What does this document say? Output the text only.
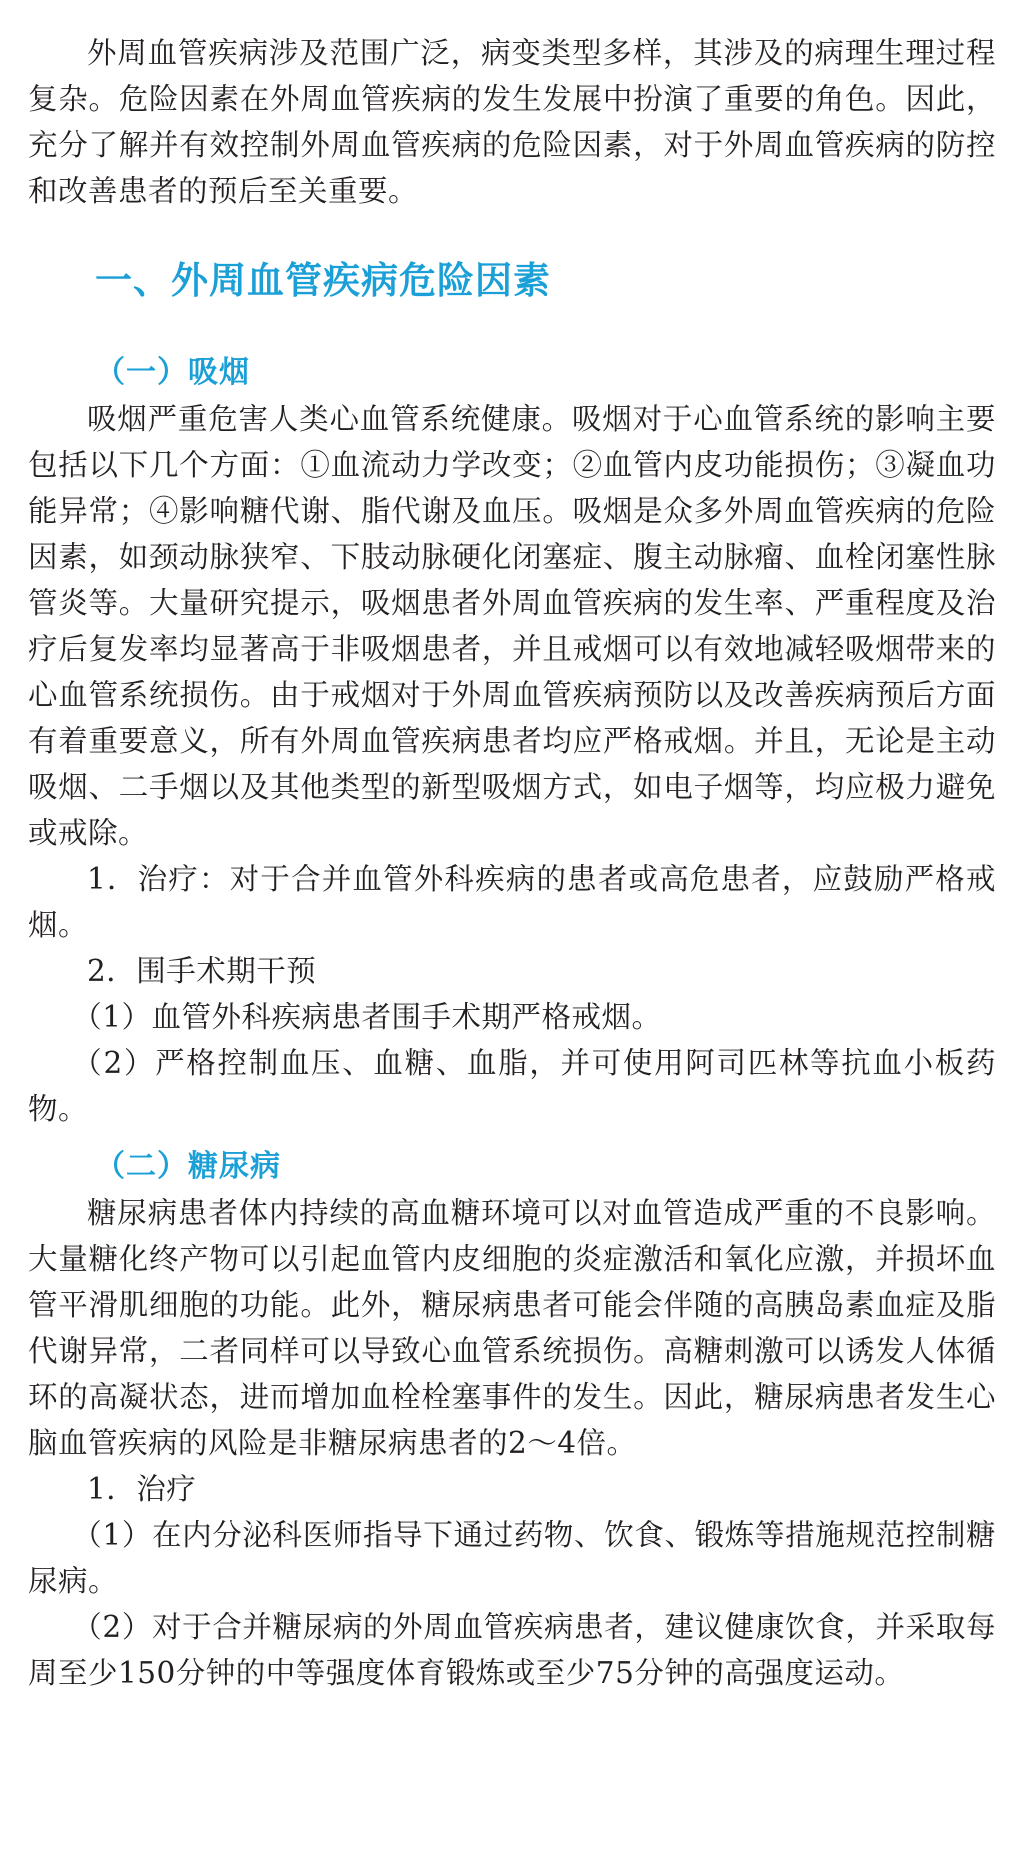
外周血管疾病涉及范围广泛，病变类型多样，其涉及的病理生理过程复杂。危险因素在外周血管疾病的发生发展中扮演了重要的角色。因此，充分了解并有效控制外周血管疾病的危险因素，对于外周血管疾病的防控和改善患者的预后至关重要。

一、外周血管疾病危险因素
（一）吸烟

吸烟严重危害人类心血管系统健康。吸烟对于心血管系统的影响主要包括以下几个方面：①血流动力学改变；②血管内皮功能损伤；③凝血功能异常；④影响糖代谢、脂代谢及血压。吸烟是众多外周血管疾病的危险因素，如颈动脉狭窄、下肢动脉硬化闭塞症、腹主动脉瘤、血栓闭塞性脉管炎等。大量研究提示，吸烟患者外周血管疾病的发生率、严重程度及治疗后复发率均显著高于非吸烟患者，并且戒烟可以有效地减轻吸烟带来的心血管系统损伤。由于戒烟对于外周血管疾病预防以及改善疾病预后方面有着重要意义，所有外周血管疾病患者均应严格戒烟。并且，无论是主动吸烟、二手烟以及其他类型的新型吸烟方式，如电子烟等，均应极力避免或戒除。

1．治疗：对于合并血管外科疾病的患者或高危患者，应鼓励严格戒烟。

2．围手术期干预

（1）血管外科疾病患者围手术期严格戒烟。

（2）严格控制血压、血糖、血脂，并可使用阿司匹林等抗血小板药物。

（二）糖尿病

糖尿病患者体内持续的高血糖环境可以对血管造成严重的不良影响。大量糖化终产物可以引起血管内皮细胞的炎症激活和氧化应激，并损坏血管平滑肌细胞的功能。此外，糖尿病患者可能会伴随的高胰岛素血症及脂代谢异常，二者同样可以导致心血管系统损伤。高糖刺激可以诱发人体循环的高凝状态，进而增加血栓栓塞事件的发生。因此，糖尿病患者发生心脑血管疾病的风险是非糖尿病患者的2～4倍。

1．治疗

（1）在内分泌科医师指导下通过药物、饮食、锻炼等措施规范控制糖尿病。

（2）对于合并糖尿病的外周血管疾病患者，建议健康饮食，并采取每周至少150分钟的中等强度体育锻炼或至少75分钟的高强度运动。
